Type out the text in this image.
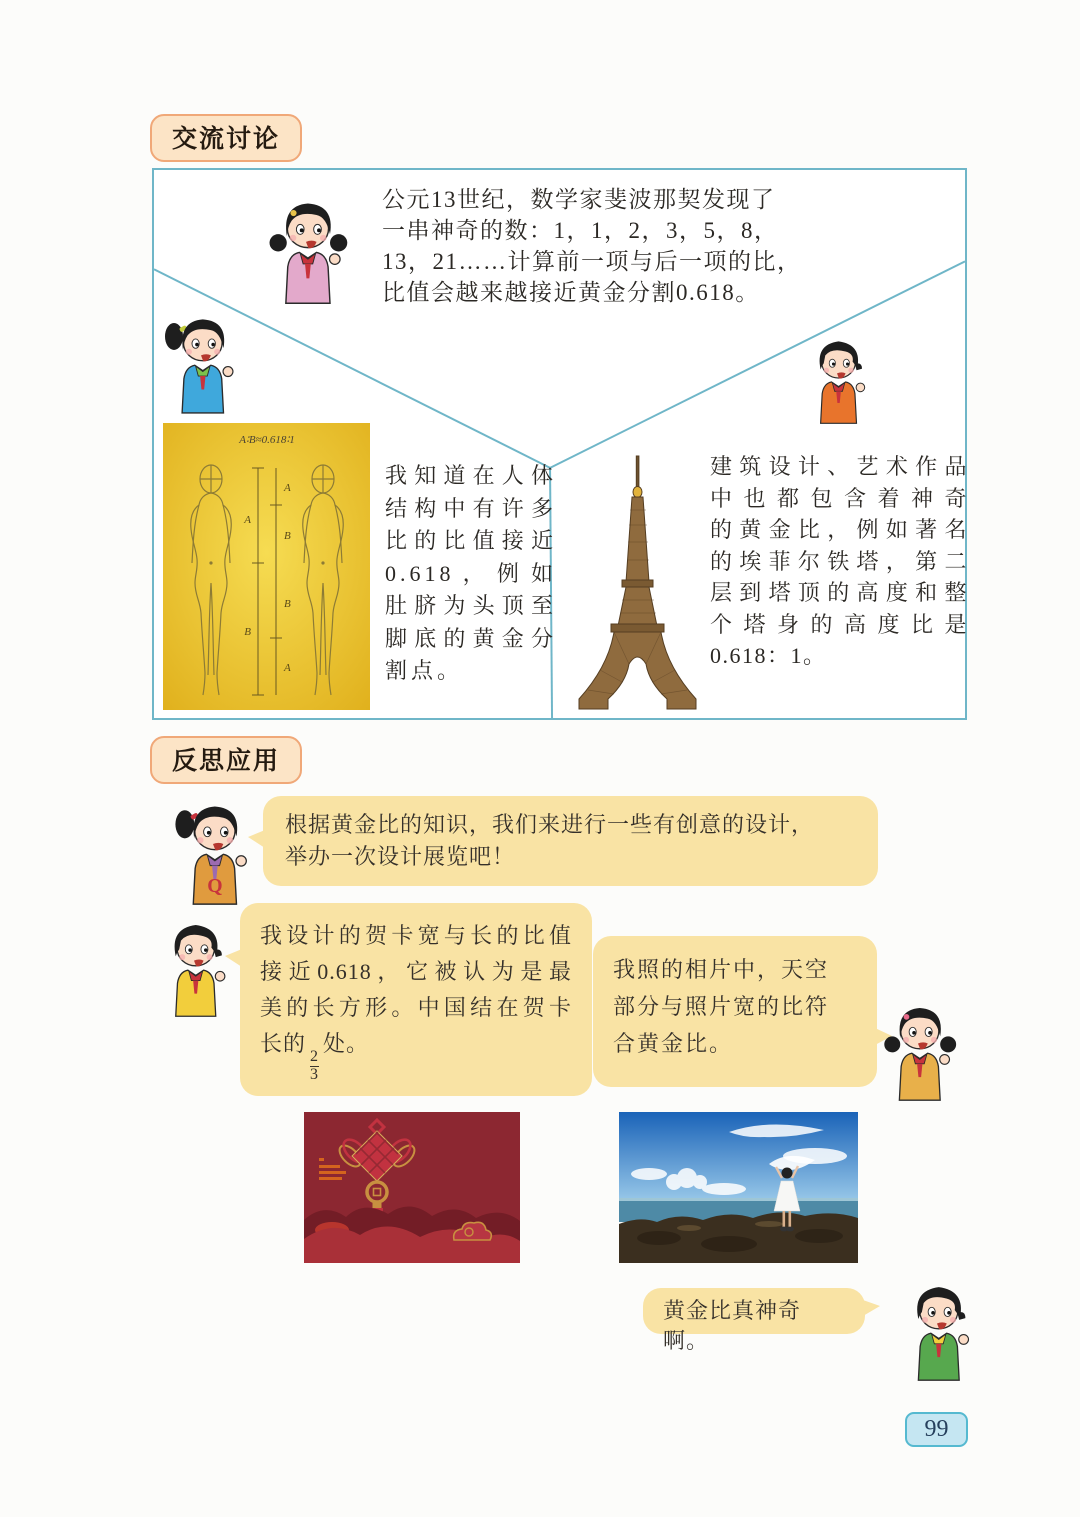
交流讨论
公元13世纪，数学家斐波那契发现了
一串神奇的数：1，1，2，3，5，8，
13，21……计算前一项与后一项的比，
比值会越来越接近黄金分割0.618。
我知道在人体
结构中有许多
比的比值接近
0.618，例如
肚脐为头顶至
脚底的黄金分
割点。
建筑设计、艺术作品
中也都包含着神奇
的黄金比，例如著名
的埃菲尔铁塔，第二
层到塔顶的高度和整
个塔身的高度比是
0.618：1。
A∶B≈0.618∶1
A
B
A
B
B
A
反思应用
根据黄金比的知识，我们来进行一些有创意的设计，
举办一次设计展览吧！
我设计的贺卡宽与长的比值
接近0.618，它被认为是最
美的长方形。中国结在贺卡
长的
$\frac{2}{3}$
处。
我照的相片中，天空
部分与照片宽的比符
合黄金比。
黄金比真神奇啊。
Q
99
